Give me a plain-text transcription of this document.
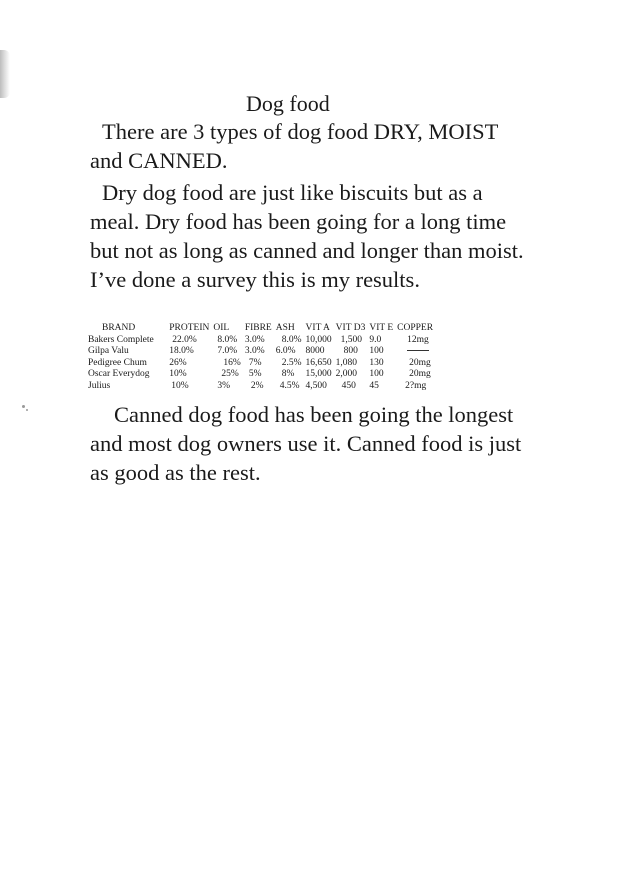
Dog food
There are 3 types of dog food DRY, MOIST
and CANNED.
Dry dog food are just like biscuits but as a
meal. Dry food has been going for a long time
but not as long as canned and longer than moist.
I’ve done a survey this is my results.
BRAND	PROTEIN	OIL	FIBRE	ASH	VIT A	VIT D3	VIT E	COPPER
Bakers Complete	22.0%	8.0%	3.0%	8.0%	10,000	1,500	9.0	12mg
Gilpa Valu	18.0%	7.0%	3.0%	6.0%	8000	800	100	
Pedigree Chum	26%	16%	7%	2.5%	16,650	1,080	130	20mg
Oscar Everydog	10%	25%	5%	8%	15,000	2,000	100	20mg
Julius	10%	3%	2%	4.5%	4,500	450	45	2?mg
Canned dog food has been going the longest
and most dog owners use it. Canned food is just
as good as the rest.
